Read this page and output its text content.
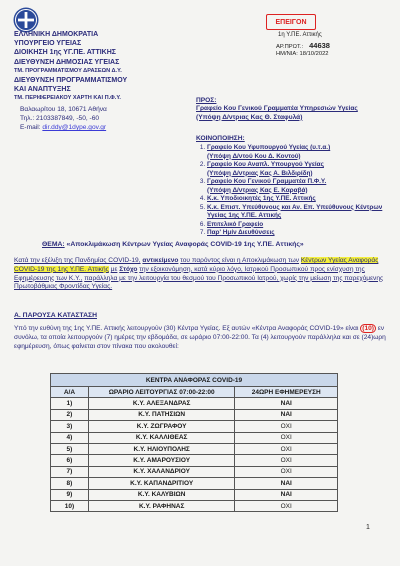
ΕΛΛΗΝΙΚΗ ΔΗΜΟΚΡΑΤΙΑ
ΥΠΟΥΡΓΕΙΟ ΥΓΕΙΑΣ
ΔΙΟΙΚΗΣΗ 1ης ΥΓ.ΠΕ. ΑΤΤΙΚΗΣ
ΔΙΕΥΘΥΝΣΗ ΔΗΜΟΣΙΑΣ ΥΓΕΙΑΣ
ΤΜ. ΠΡΟΓΡΑΜΜΑΤΙΣΜΟΥ ΔΡΑΣΕΩΝ Δ.Υ.
ΔΙΕΥΘΥΝΣΗ ΠΡΟΓΡΑΜΜΑΤΙΣΜΟΥ
ΚΑΙ ΑΝΑΠΤΥΞΗΣ
ΤΜ. ΠΕΡΙΦΕΡΕΙΑΚΟΥ ΧΑΡΤΗ ΚΑΙ Π.Φ.Υ.
Βαλαωρίτου 18, 10671 Αθήνα
Τηλ.: 2103387849, -50, -60
E-mail: dir.ddy@1dype.gov.gr
ΕΠΕΙΓΟΝ
1η Υ.ΠΕ. Αττικής
ΑΡ.ΠΡΩΤ.: 44638
ΗΜ/ΝΙΑ: 18/10/2022
ΠΡΟΣ:
Γραφείο Κου Γενικού Γραμματέα Υπηρεσιών Υγείας
(Υπόψη Δ/ντριας Κας Θ. Σταφυλά)
ΚΟΙΝΟΠΟΙΗΣΗ:
1. Γραφείο Κου Υφυπουργού Υγείας (υ.τ.α.)
(Υπόψη Δ/ντού Κου Δ. Κοντού)
2. Γραφείο Κου Αναπλ. Υπουργού Υγείας
(Υπόψη Δ/ντριας Κας Α. Βιλδιρίδη)
3. Γραφείο Κου Γενικού Γραμματέα Π.Φ.Υ.
(Υπόψη Δ/ντριας Κας Ε. Καραβά)
4. Κ.κ. Υποδιοικητές 1ης Υ.ΠΕ. Αττικής
5. Κ.κ. Επιστ. Υπεύθυνους και Αν. Επ. Υπεύθυνους Κέντρων Υγείας 1ης Υ.ΠΕ. Αττικής
6. Επιτελικό Γραφείο
7. Παρ' Ημίν Διευθύνσεις
ΘΕΜΑ: «Αποκλιμάκωση Κέντρων Υγείας Αναφοράς COVID-19 1ης Υ.ΠΕ. Αττικής»
Κατά την εξέλιξη της Πανδημίας COVID-19, αντικείμενο του παρόντος είναι η Αποκλιμάκωση των Κέντρων Υγείας Αναφοράς COVID-19 της 1ης Υ.ΠΕ. Αττικής με Στόχο την εξοικονόμηση, κατά κύριο λόγο, Ιατρικού Προσωπικού προς ενίσχυση της Εφημέρευσης των Κ.Υ., παράλληλα με την λειτουργία του θεσμού του Προσωπικού Ιατρού, χωρίς την μείωση της παρεχόμενης Πρωτοβάθμιας Φροντίδας Υγείας.
Α. ΠΑΡΟΥΣΑ ΚΑΤΑΣΤΑΣΗ
Υπό την ευθύνη της 1ης Υ.ΠΕ. Αττικής λειτουργούν (30) Κέντρα Υγείας. Εξ αυτών «Κέντρα Αναφοράς COVID-19» είναι (10) εν συνόλω, τα οποία λειτουργούν (7) ημέρες την εβδομάδα, σε ωράριο 07:00-22:00. Τα (4) λειτουργούν παράλληλα και σε (24)ωρη εφημέρευση, όπως φαίνεται στον πίνακα που ακολουθεί:
ΚΕΝΤΡΑ ΑΝΑΦΟΡΑΣ COVID-19		
Α/Α	ΩΡΑΡΙΟ ΛΕΙΤΟΥΡΓΙΑΣ 07:00-22:00	24ΩΡΗ ΕΦΗΜΕΡΕΥΣΗ
1)	Κ.Υ. ΑΛΕΞΑΝΔΡΑΣ	ΝΑΙ
2)	Κ.Υ. ΠΑΤΗΣΙΩΝ	ΝΑΙ
3)	Κ.Υ. ΖΩΓΡΑΦΟΥ	ΟΧΙ
4)	Κ.Υ. ΚΑΛΛΙΘΕΑΣ	ΟΧΙ
5)	Κ.Υ. ΗΛΙΟΥΠΟΛΗΣ	ΟΧΙ
6)	Κ.Υ. ΑΜΑΡΟΥΣΙΟΥ	ΟΧΙ
7)	Κ.Υ. ΧΑΛΑΝΔΡΙΟΥ	ΟΧΙ
8)	Κ.Υ. ΚΑΠΑΝΔΡΙΤΙΟΥ	ΝΑΙ
9)	Κ.Υ. ΚΑΛΥΒΙΩΝ	ΝΑΙ
10)	Κ.Υ. ΡΑΦΗΝΑΣ	ΟΧΙ
1
